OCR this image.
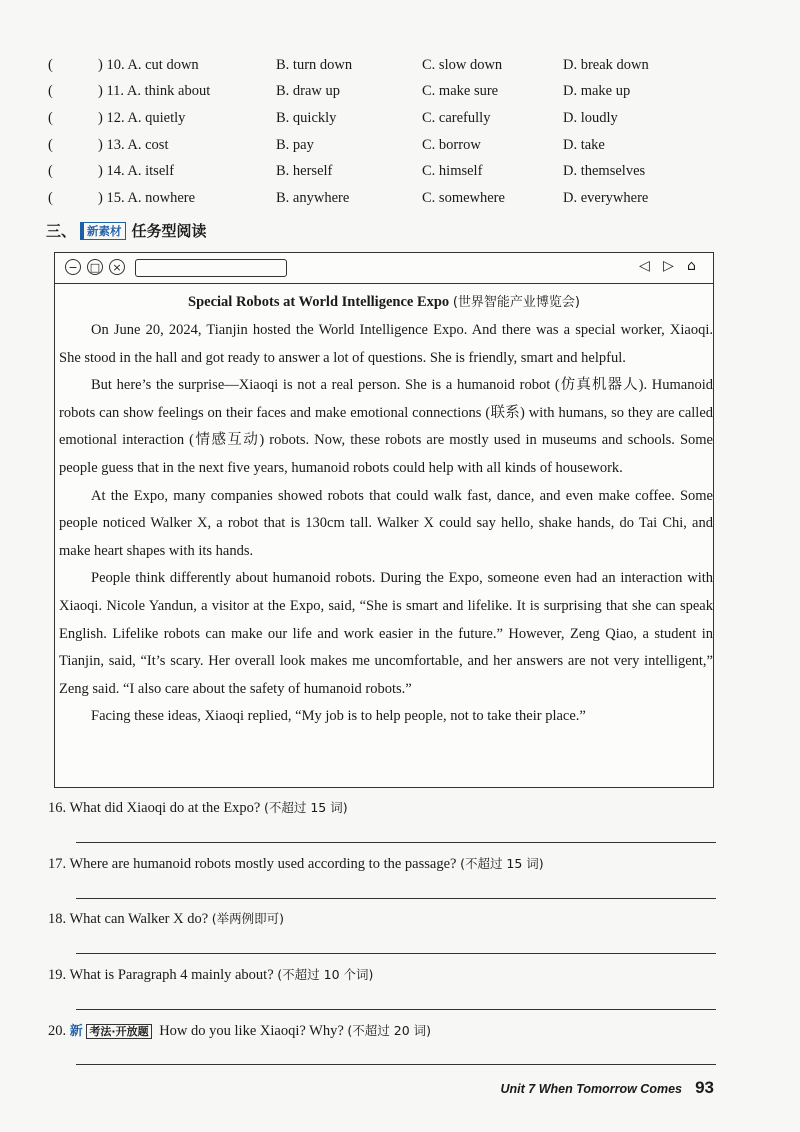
(	) 10. A. cut down	B. turn down	C. slow down	D. break down
(	) 11. A. think about	B. draw up	C. make sure	D. make up
(	) 12. A. quietly	B. quickly	C. carefully	D. loudly
(	) 13. A. cost	B. pay	C. borrow	D. take
(	) 14. A. itself	B. herself	C. himself	D. themselves
(	) 15. A. nowhere	B. anywhere	C. somewhere	D. everywhere
三、 新素材 任务型阅读
−	□	×	◁ ▷ ⌂
Special Robots at World Intelligence Expo (世界智能产业博览会)

On June 20, 2024, Tianjin hosted the World Intelligence Expo. And there was a special worker, Xiaoqi. She stood in the hall and got ready to answer a lot of questions. She is friendly, smart and helpful.

But here’s the surprise—Xiaoqi is not a real person. She is a humanoid robot (仿真机器人). Humanoid robots can show feelings on their faces and make emotional connections (联系) with humans, so they are called emotional interaction (情感互动) robots. Now, these robots are mostly used in museums and schools. Some people guess that in the next five years, humanoid robots could help with all kinds of housework.

At the Expo, many companies showed robots that could walk fast, dance, and even make coffee. Some people noticed Walker X, a robot that is 130cm tall. Walker X could say hello, shake hands, do Tai Chi, and make heart shapes with its hands.

People think differently about humanoid robots. During the Expo, someone even had an interaction with Xiaoqi. Nicole Yandun, a visitor at the Expo, said, “She is smart and lifelike. It is surprising that she can speak English. Lifelike robots can make our life and work easier in the future.” However, Zeng Qiao, a student in Tianjin, said, “It’s scary. Her overall look makes me uncomfortable, and her answers are not very intelligent,” Zeng said. “I also care about the safety of humanoid robots.”

Facing these ideas, Xiaoqi replied, “My job is to help people, not to take their place.”

16. What did Xiaoqi do at the Expo? (不超过 15 词)
17. Where are humanoid robots mostly used according to the passage? (不超过 15 词)
18. What can Walker X do? (举两例即可)
19. What is Paragraph 4 mainly about? (不超过 10 个词)
20. 新 考法·开放题 How do you like Xiaoqi? Why? (不超过 20 词)
Unit 7 When Tomorrow Comes 93
